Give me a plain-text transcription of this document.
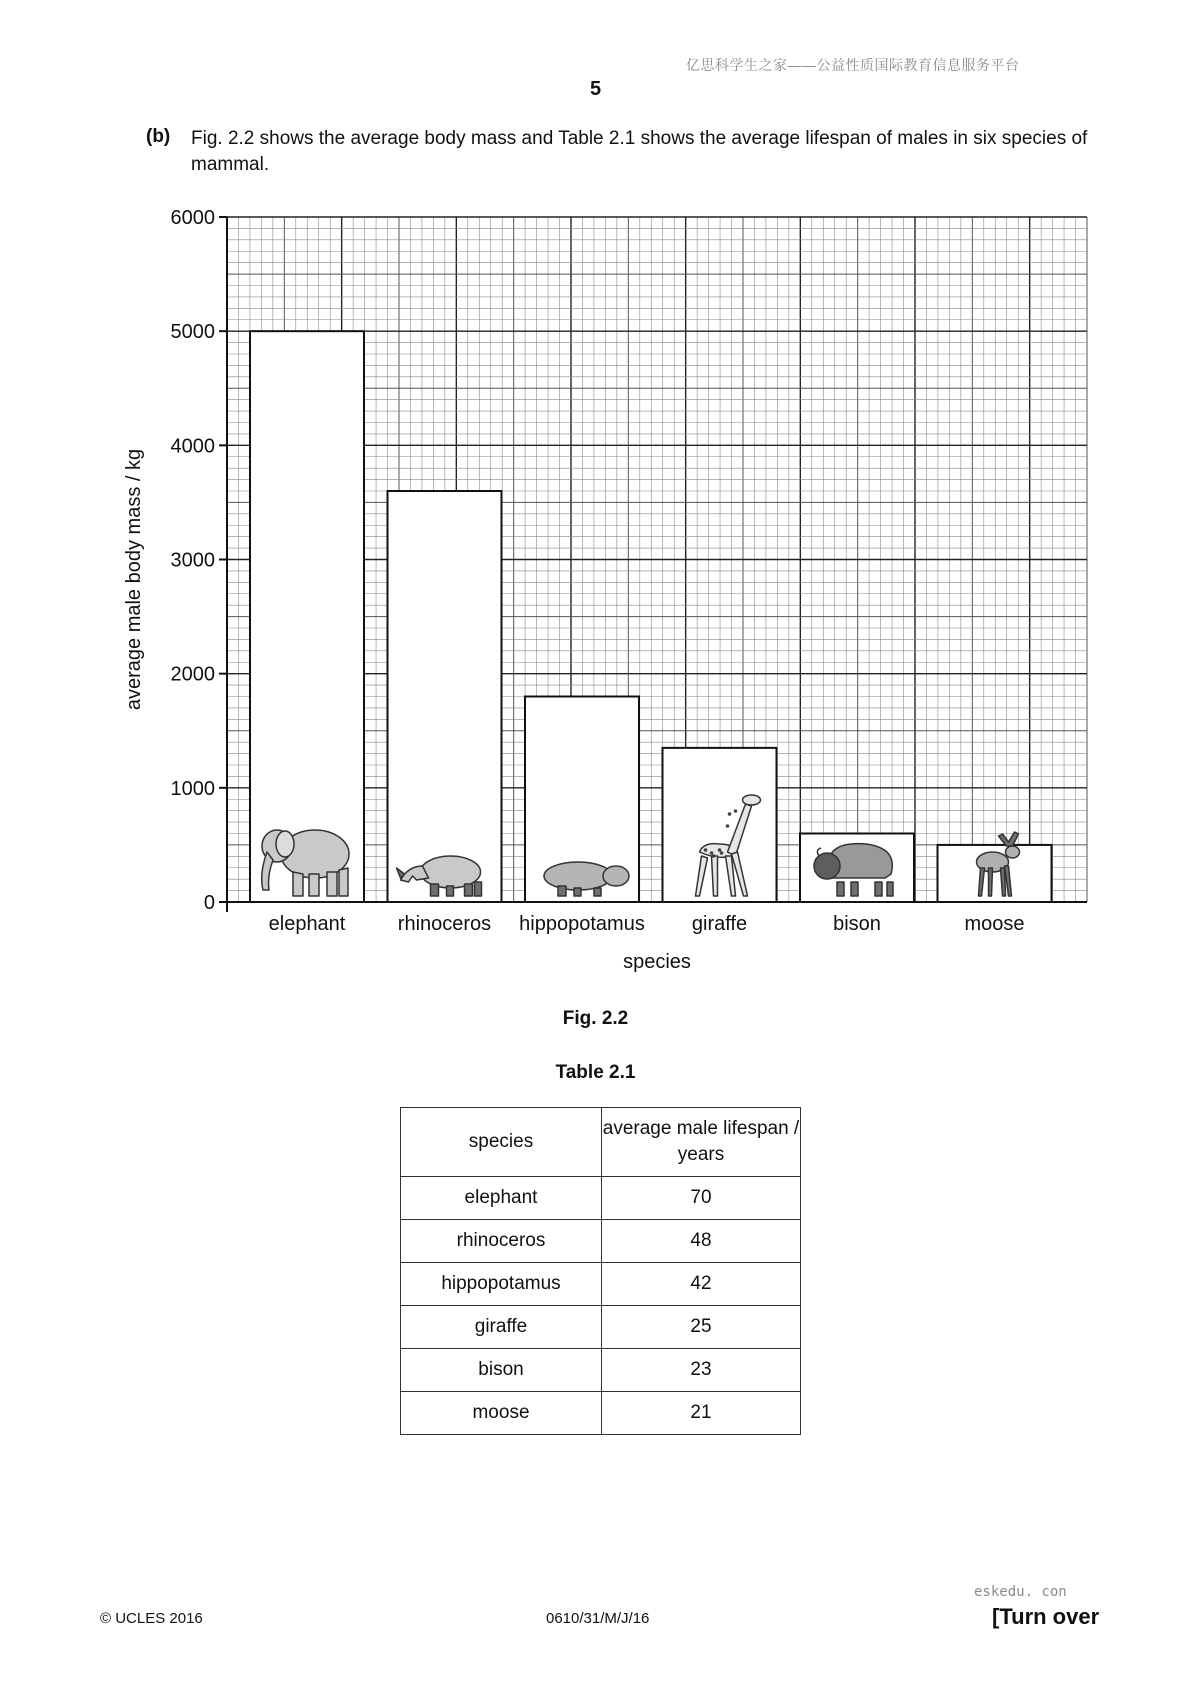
亿思科学生之家——公益性质国际教育信息服务平台
5
(b) Fig. 2.2 shows the average body mass and Table 2.1 shows the average lifespan of males in six species of mammal.
0
1000
2000
3000
4000
5000
6000
elephant	rhinoceros hippopotamus giraffe	bison	moose
species
average male body mass / kg
Fig. 2.2
Table 2.1
species	average male lifespan / years
elephant	70
rhinoceros	48
hippopotamus	42
giraffe	25
bison	23
moose	21
© UCLES 2016	0610/31/M/J/16
eskedu. con
[Turn over
